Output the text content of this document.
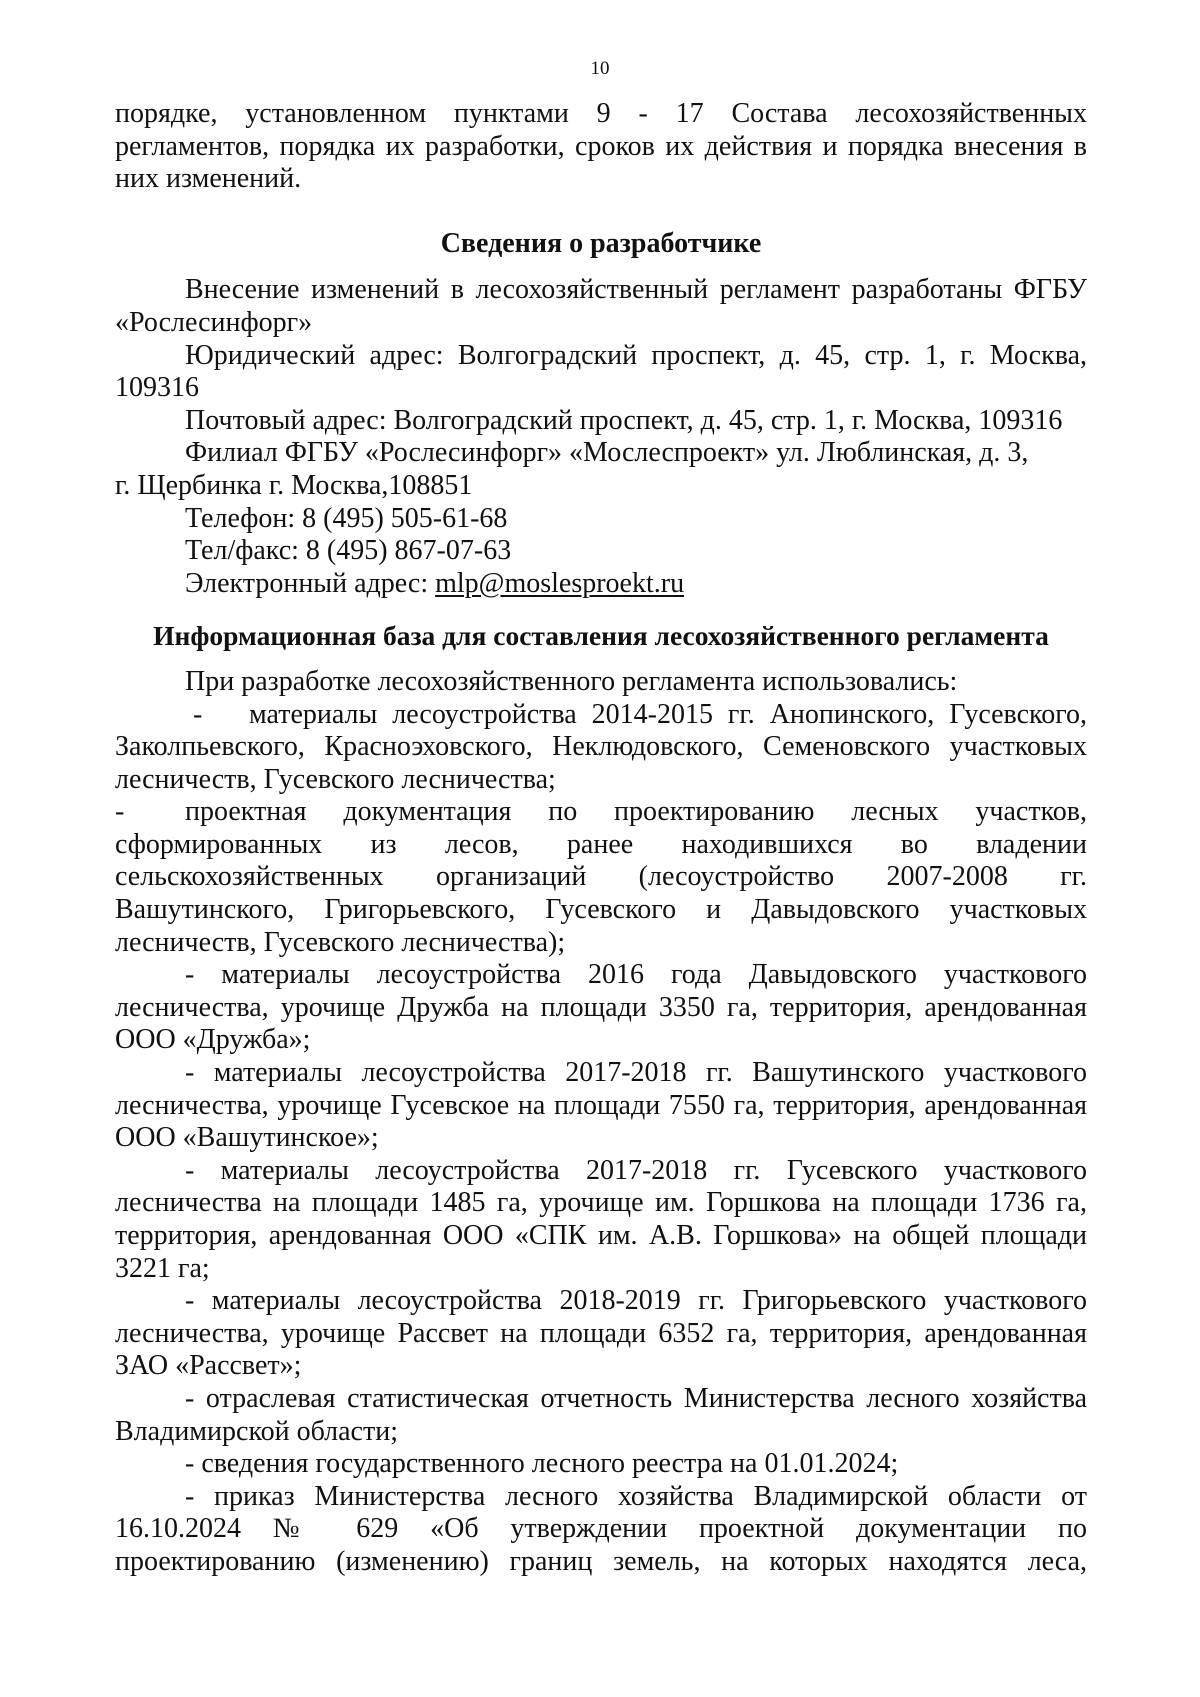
10

порядке, установленном пунктами 9 - 17 Состава лесохозяйственных регламентов, порядка их разработки, сроков их действия и порядка внесения в них изменений.

Сведения о разработчике

Внесение изменений в лесохозяйственный регламент разработаны ФГБУ «Рослесинфорг»

Юридический адрес: Волгоградский проспект, д. 45, стр. 1, г. Москва, 109316

Почтовый адрес: Волгоградский проспект, д. 45, стр. 1, г. Москва, 109316

Филиал ФГБУ «Рослесинфорг» «Мослеспроект» ул. Люблинская, д. 3,

г. Щербинка г. Москва,108851

Телефон: 8 (495) 505-61-68

Тел/факс: 8 (495) 867-07-63

Электронный адрес: mlp@moslesproekt.ru

Информационная база для составления лесохозяйственного регламента

При разработке лесохозяйственного регламента использовались:

- материалы лесоустройства 2014-2015 гг. Анопинского, Гусевского, Заколпьевского, Красноэховского, Неклюдовского, Семеновского участковых лесничеств, Гусевского лесничества;

- проектная документация по проектированию лесных участков, сформированных из лесов, ранее находившихся во владении сельскохозяйственных организаций (лесоустройство 2007-2008 гг. Вашутинского, Григорьевского, Гусевского и Давыдовского участковых лесничеств, Гусевского лесничества);

- материалы лесоустройства 2016 года Давыдовского участкового лесничества, урочище Дружба на площади 3350 га, территория, арендованная ООО «Дружба»;

- материалы лесоустройства 2017-2018 гг. Вашутинского участкового лесничества, урочище Гусевское на площади 7550 га, территория, арендованная ООО «Вашутинское»;

- материалы лесоустройства 2017-2018 гг. Гусевского участкового лесничества на площади 1485 га, урочище им. Горшкова на площади 1736 га, территория, арендованная ООО «СПК им. А.В. Горшкова» на общей площади 3221 га;

- материалы лесоустройства 2018-2019 гг. Григорьевского участкового лесничества, урочище Рассвет на площади 6352 га, территория, арендованная ЗАО «Рассвет»;

- отраслевая статистическая отчетность Министерства лесного хозяйства Владимирской области;

- сведения государственного лесного реестра на 01.01.2024;

- приказ Министерства лесного хозяйства Владимирской области от 16.10.2024 № 629 «Об утверждении проектной документации по проектированию (изменению) границ земель, на которых находятся леса,
